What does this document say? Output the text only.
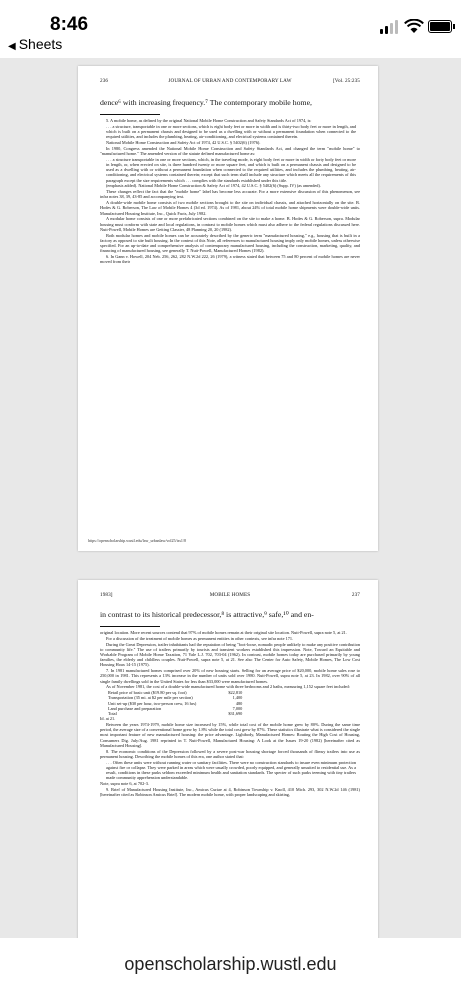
8:46
◀ Sheets
236	JOURNAL OF URBAN AND CONTEMPORARY LAW	[Vol. 25:235
dence⁶ with increasing frequency.⁷ The contemporary mobile home,

5. A mobile home, as defined by the original National Mobile Home Construction and Safety Standards Act of 1974, is:

. . . a structure, transportable in one or more sections, which is eight body feet or more in width and is thirty-two body feet or more in length, and which is built on a permanent chassis and designed to be used as a dwelling with or without a permanent foundation when connected to the required utilities, and includes the plumbing, heating, air-conditioning, and electrical systems contained therein.

National Mobile Home Construction and Safety Act of 1974, 42 U.S.C. § 5402(6) (1976).

In 1980, Congress amended the National Mobile Home Construction and Safety Standards Act, and changed the term "mobile home" to "manufactured home." The amended version of the statute defined manufactured home as:

. . . a structure transportable in one or more sections, which, in the traveling mode, is eight body feet or more in width or forty body feet or more in length, or, when erected on site, is three hundred twenty or more square feet, and which is built on a permanent chassis and designed to be used as a dwelling with or without a permanent foundation when connected to the required utilities, and includes the plumbing, heating, air-conditioning, and electrical systems contained therein; except that such term shall include any structure which meets all the requirements of this paragraph except the size requirements which . . . complies with the standards established under this title.

(emphasis added). National Mobile Home Construction & Safety Act of 1974, 42 U.S.C. § 5402(6) (Supp. IV) (as amended).

These changes reflect the fact that the "mobile home" label has become less accurate. For a more extensive discussion of this phenomenon, see infra notes 38, 39, 43-85 and accompanying text.

A double-wide mobile home consists of two mobile sections brought to the site on individual chassis, and attached horizontally on the site. B. Hodes & G. Roberson, The Law of Mobile Homes 4 (3d ed. 1974). As of 1981, about 24% of total mobile home shipments were double-wide units. Manufactured Housing Institute, Inc., Quick Facts, July 1982.

A modular home consists of one or more prefabricated sections combined on the site to make a home. B. Hodes & G. Roberson, supra. Modular housing must conform with state and local regulations, in contrast to mobile homes which must also adhere to the federal regulations discussed here. Nutt-Powell, Mobile Homes are Getting Classier, 48 Planning 20, 20 (1982).

Both modular homes and mobile homes can be accurately described by the generic term "manufactured housing," e.g., housing that is built in a factory as opposed to site built housing. In the context of this Note, all references to manufactured housing imply only mobile homes, unless otherwise specified. For an up-to-date and comprehensive analysis of contemporary manufactured housing, including the construction, marketing, quality, and financing of manufactured housing, see generally T. Nutt-Powell, Manufactured Homes (1982).

6. In Gann v. Howell, 204 Neb. 256, 262, 282 N.W.2d 222, 26 (1979), a witness stated that between 75 and 80 percent of mobile homes are never moved from their

https://openscholarship.wustl.edu/law_urbanlaw/vol25/iss1/8
1983]	MOBILE HOMES	237
in contrast to its historical predecessor,⁸ is attractive,⁹ safe,¹⁰ and en-

original location. More recent sources contend that 97% of mobile homes remain at their original site location. Nutt-Powell, supra note 5, at 21.

For a discussion of the treatment of mobile homes as permanent entities in other contexts, see infra note 171.

During the Great Depression, trailer inhabitants had the reputation of being "foot-loose, nomadic people unlikely to make any positive contribution to community life." The use of trailers primarily by tourists and transient workers established this impression. Note, Toward an Equitable and Workable Program of Mobile Home Taxation, 71 Yale L.J. 702, 703-04 (1962). In contrast, mobile homes today are purchased primarily by young families, the elderly and childless couples. Nutt-Powell, supra note 5, at 21. See also The Center for Auto Safety, Mobile Homes, The Low Cost Housing Hoax 14-15 (1975).

7. In 1981 manufactured homes comprised over 20% of new housing starts. Selling for an average price of $20,000, mobile home sales rose to 250,000 in 1981. This represents a 13% increase in the number of units sold over 1980. Nutt-Powell, supra note 5, at 23. In 1982, over 90% of all single family dwellings sold in the United States for less than $33,000 were manufactured homes.

As of November 1981, the cost of a double-wide manufactured home with three bedrooms and 2 baths, measuring 1,152 square feet included:

Retail price of basic unit ($19.80 per sq. foot)	$22,810
Transportation (35 mi. at $2 per mile per section)	1,400
Unit set-up ($30 per hour, two-person crew, 16 hrs)	480
Land purchase and preparation	7,000
Total	$31,690

Id. at 21.

Between the years 1974-1979, mobile home size increased by 15%, while total cost of the mobile home grew by 80%. During the same time period, the average size of a conventional home grew by 1.8% while the total cost grew by 87%. These statistics illustrate what is considered the single most important feature of new manufactured housing: the price advantage. Lightbody, Manufactured Homes: Routing the High Cost of Housing, Consumers Dig. July/Aug. 1981 reprinted in T. Nutt-Powell, Manufactured Housing: A Look at the Issues 19-20 (1982) [hereinafter cited as Manufactured Housing].

8. The economic conditions of the Depression followed by a severe post-war housing shortage forced thousands of flimsy trailers into use as permanent housing. Describing the mobile homes of this era, one author stated that:

. . . Often these units were without running water or sanitary facilities. There were no construction standards to insure even minimum protection against fire or collapse. They were parked in areas which were usually crowded, poorly equipped, and generally unsuited to residential use. As a result, conditions in these parks seldom exceeded minimum health and sanitation standards. The specter of such parks teeming with tiny trailers made community apprehension understandable.

Note, supra note 6, at 702-3.

9. Brief of Manufactured Housing Institute, Inc., Amicus Curiae at 4, Robinson Township v. Knoll, 410 Mich. 293, 302 N.W.2d 146 (1981) [hereinafter cited as Robinson Amicus Brief]. The modern mobile home, with proper landscaping and skirting,

openscholarship.wustl.edu
